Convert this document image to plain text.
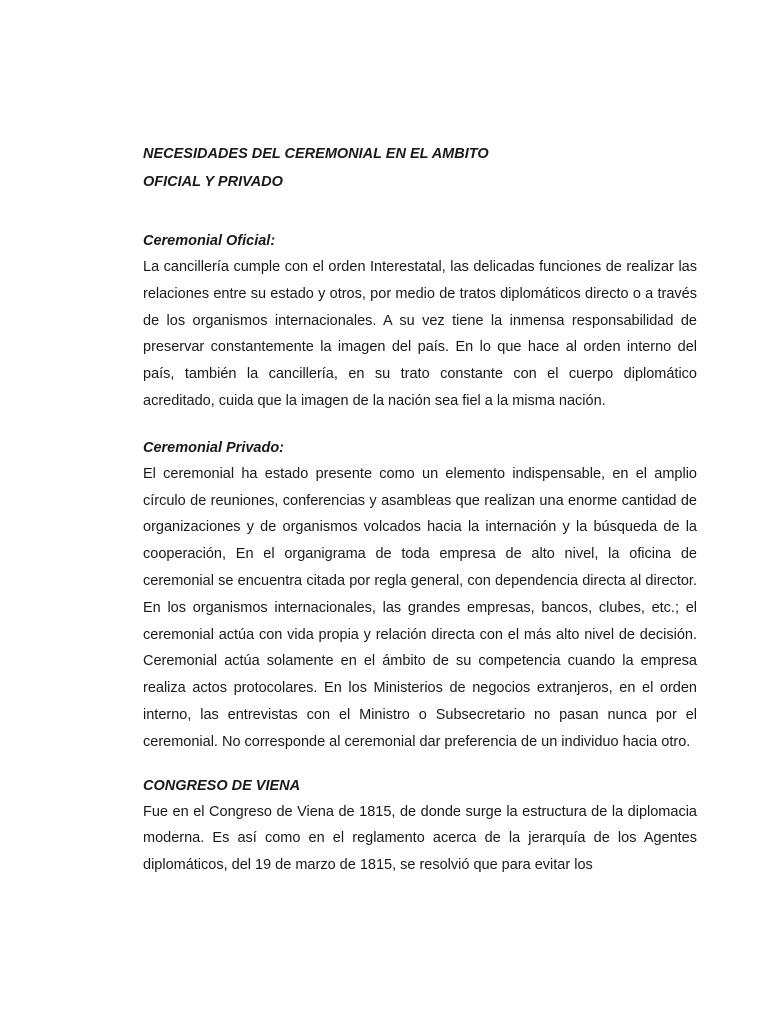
NECESIDADES DEL CEREMONIAL EN EL AMBITO

OFICIAL Y PRIVADO

Ceremonial Oficial:

La cancillería cumple con el orden Interestatal, las delicadas funciones de realizar las relaciones entre su estado y otros, por medio de tratos diplomáticos directo o a través de los organismos internacionales. A su vez tiene la inmensa responsabilidad de preservar constantemente la imagen del país. En lo que hace al orden interno del país, también la cancillería, en su trato constante con el cuerpo diplomático acreditado, cuida que la imagen de la nación sea fiel a la misma nación.

Ceremonial Privado:

El ceremonial ha estado presente como un elemento indispensable, en el amplio círculo de reuniones, conferencias y asambleas que realizan una enorme cantidad de organizaciones y de organismos volcados hacia la internación y la búsqueda de la cooperación, En el organigrama de toda empresa de alto nivel, la oficina de ceremonial se encuentra citada por regla general, con dependencia directa al director. En los organismos internacionales, las grandes empresas, bancos, clubes, etc.; el ceremonial actúa con vida propia y relación directa con el más alto nivel de decisión. Ceremonial actúa solamente en el ámbito de su competencia cuando la empresa realiza actos protocolares. En los Ministerios de negocios extranjeros, en el orden interno, las entrevistas con el Ministro o Subsecretario no pasan nunca por el ceremonial. No corresponde al ceremonial dar preferencia de un individuo hacia otro.

CONGRESO DE VIENA

Fue en el Congreso de Viena de 1815, de donde surge la estructura de la diplomacia moderna. Es así como en el reglamento acerca de la jerarquía de los Agentes diplomáticos, del 19 de marzo de 1815, se resolvió que para evitar los
